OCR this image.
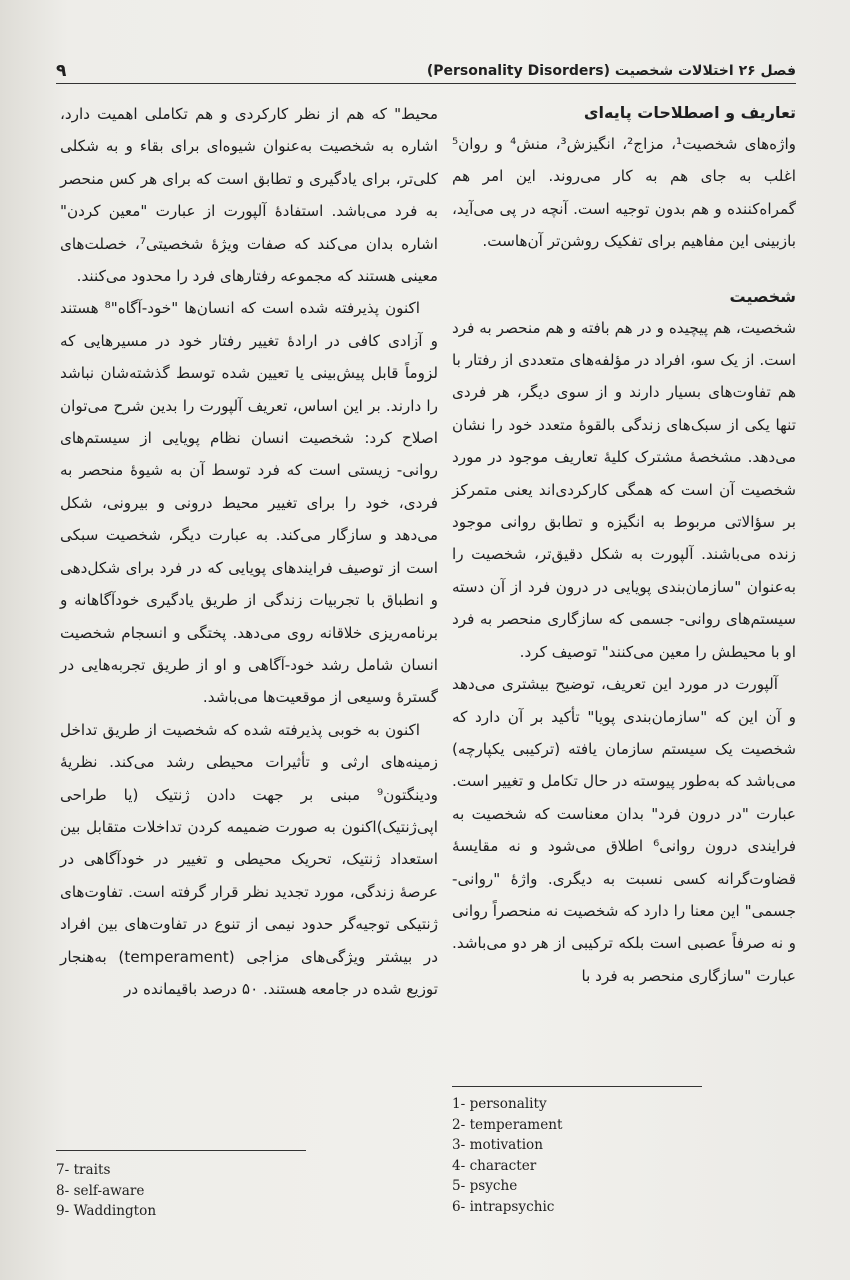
۹	فصل ۲۶ اختلالات شخصیت (Personality Disorders)
تعاریف و اصطلاحات پایه‌ای

واژه‌های شخصیت¹، مزاج²، انگیزش³، منش⁴ و روان⁵ اغلب به جای هم به کار می‌روند. این امر هم گمراه‌کننده و هم بدون توجیه است. آنچه در پی می‌آید، بازبینی این مفاهیم برای تفکیک روشن‌تر آن‌هاست.

شخصیت

شخصیت، هم پیچیده و در هم بافته و هم منحصر به فرد است. از یک سو، افراد در مؤلفه‌های متعددی از رفتار با هم تفاوت‌های بسیار دارند و از سوی دیگر، هر فردی تنها یکی از سبک‌های زندگی بالقوهٔ متعدد خود را نشان می‌دهد. مشخصهٔ مشترک کلیهٔ تعاریف موجود در مورد شخصیت آن است که همگی کارکردی‌اند یعنی متمرکز بر سؤالاتی مربوط به انگیزه و تطابق روانی موجود زنده می‌باشند. آلپورت به شکل دقیق‌تر، شخصیت را به‌عنوان "سازمان‌بندی پویایی در درون فرد از آن دسته سیستم‌های روانی- جسمی که سازگاری منحصر به فرد او با محیطش را معین می‌کنند" توصیف کرد.

آلپورت در مورد این تعریف، توضیح بیشتری می‌دهد و آن این که "سازمان‌بندی پویا" تأکید بر آن دارد که شخصیت یک سیستم سازمان یافته (ترکیبی یکپارچه) می‌باشد که به‌طور پیوسته در حال تکامل و تغییر است. عبارت "در درون فرد" بدان معناست که شخصیت به فرایندی درون روانی⁶ اطلاق می‌شود و نه مقایسهٔ قضاوت‌گرانه کسی نسبت به دیگری. واژهٔ "روانی- جسمی" این معنا را دارد که شخصیت نه منحصراً روانی و نه صرفاً عصبی است بلکه ترکیبی از هر دو می‌باشد. عبارت "سازگاری منحصر به فرد با

محیط" که هم از نظر کارکردی و هم تکاملی اهمیت دارد، اشاره به شخصیت به‌عنوان شیوه‌ای برای بقاء و به شکلی کلی‌تر، برای یادگیری و تطابق است که برای هر کس منحصر به فرد می‌باشد. استفادهٔ آلپورت از عبارت "معین کردن" اشاره بدان می‌کند که صفات ویژهٔ شخصیتی⁷، خصلت‌های معینی هستند که مجموعه رفتارهای فرد را محدود می‌کنند.

اکنون پذیرفته شده است که انسان‌ها "خود-آگاه"⁸ هستند و آزادی کافی در ارادهٔ تغییر رفتار خود در مسیرهایی که لزوماً قابل پیش‌بینی یا تعیین شده توسط گذشته‌شان نباشد را دارند. بر این اساس، تعریف آلپورت را بدین شرح می‌توان اصلاح کرد: شخصیت انسان نظام پویایی از سیستم‌های روانی- زیستی است که فرد توسط آن به شیوهٔ منحصر به فردی، خود را برای تغییر محیط درونی و بیرونی، شکل می‌دهد و سازگار می‌کند. به عبارت دیگر، شخصیت سبکی است از توصیف فرایندهای پویایی که در فرد برای شکل‌دهی و انطباق با تجربیات زندگی از طریق یادگیری خودآگاهانه و برنامه‌ریزی خلاقانه روی می‌دهد. پختگی و انسجام شخصیت انسان شامل رشد خود-آگاهی و او از طریق تجربه‌هایی در گسترهٔ وسیعی از موقعیت‌ها می‌باشد.

اکنون به خوبی پذیرفته شده که شخصیت از طریق تداخل زمینه‌های ارثی و تأثیرات محیطی رشد می‌کند. نظریهٔ ودینگتون⁹ مبنی بر جهت دادن ژنتیک (یا طراحی اپی‌ژنتیک)اکنون به صورت ضمیمه کردن تداخلات متقابل بین استعداد ژنتیک، تحریک محیطی و تغییر در خودآگاهی در عرصهٔ زندگی، مورد تجدید نظر قرار گرفته است. تفاوت‌های ژنتیکی توجیه‌گر حدود نیمی از تنوع در تفاوت‌های بین افراد در بیشتر ویژگی‌های مزاجی (temperament) به‌هنجار توزیع شده در جامعه هستند. ۵۰ درصد باقیمانده در

1- personality
2- temperament
3- motivation
4- character
5- psyche
6- intrapsychic
7- traits
8- self-aware
9- Waddington
